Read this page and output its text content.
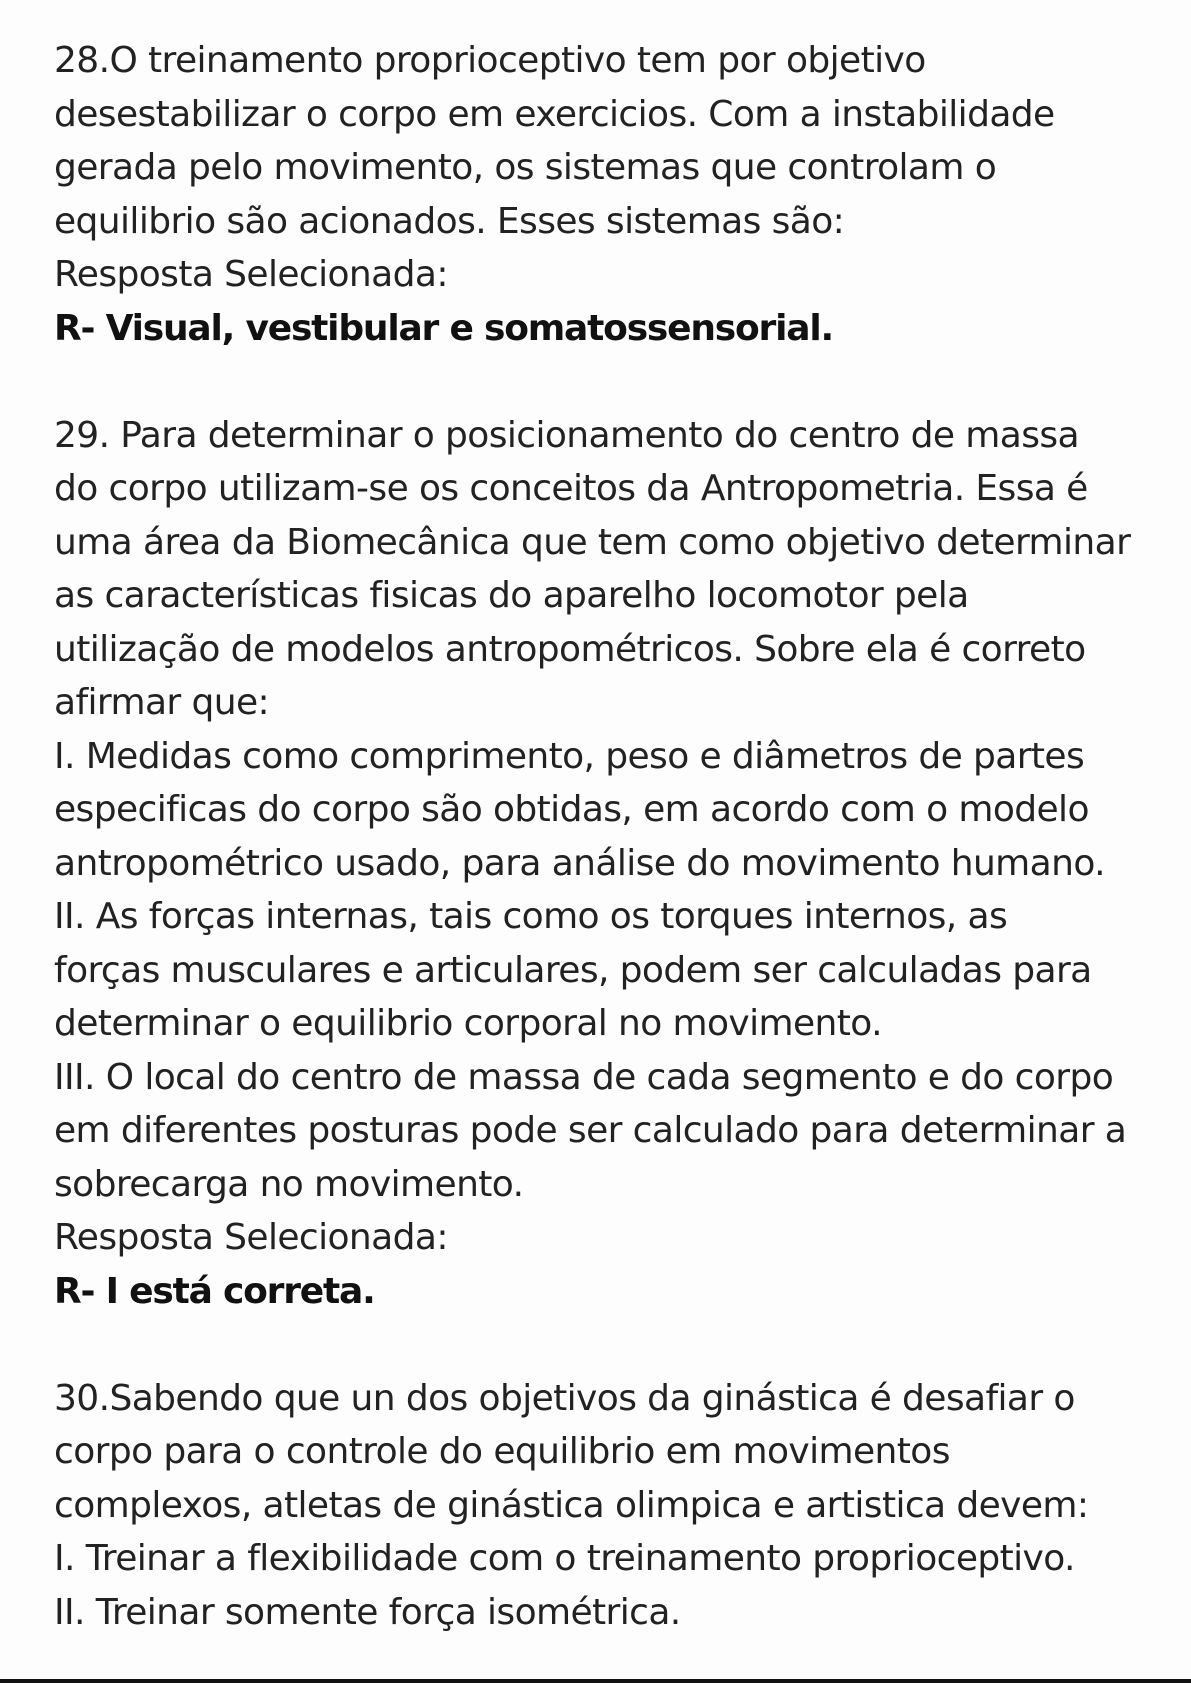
28.O treinamento proprioceptivo tem por objetivo
desestabilizar o corpo em exercicios. Com a instabilidade
gerada pelo movimento, os sistemas que controlam o
equilibrio são acionados. Esses sistemas são:
Resposta Selecionada:
R- Visual, vestibular e somatossensorial.
29. Para determinar o posicionamento do centro de massa
do corpo utilizam-se os conceitos da Antropometria. Essa é
uma área da Biomecânica que tem como objetivo determinar
as características fisicas do aparelho locomotor pela
utilização de modelos antropométricos. Sobre ela é correto
afirmar que:
I. Medidas como comprimento, peso e diâmetros de partes
especificas do corpo são obtidas, em acordo com o modelo
antropométrico usado, para análise do movimento humano.
II. As forças internas, tais como os torques internos, as
forças musculares e articulares, podem ser calculadas para
determinar o equilibrio corporal no movimento.
III. O local do centro de massa de cada segmento e do corpo
em diferentes posturas pode ser calculado para determinar a
sobrecarga no movimento.
Resposta Selecionada:
R- I está correta.
30.Sabendo que un dos objetivos da ginástica é desafiar o
corpo para o controle do equilibrio em movimentos
complexos, atletas de ginástica olimpica e artistica devem:
I. Treinar a flexibilidade com o treinamento proprioceptivo.
II. Treinar somente força isométrica.
